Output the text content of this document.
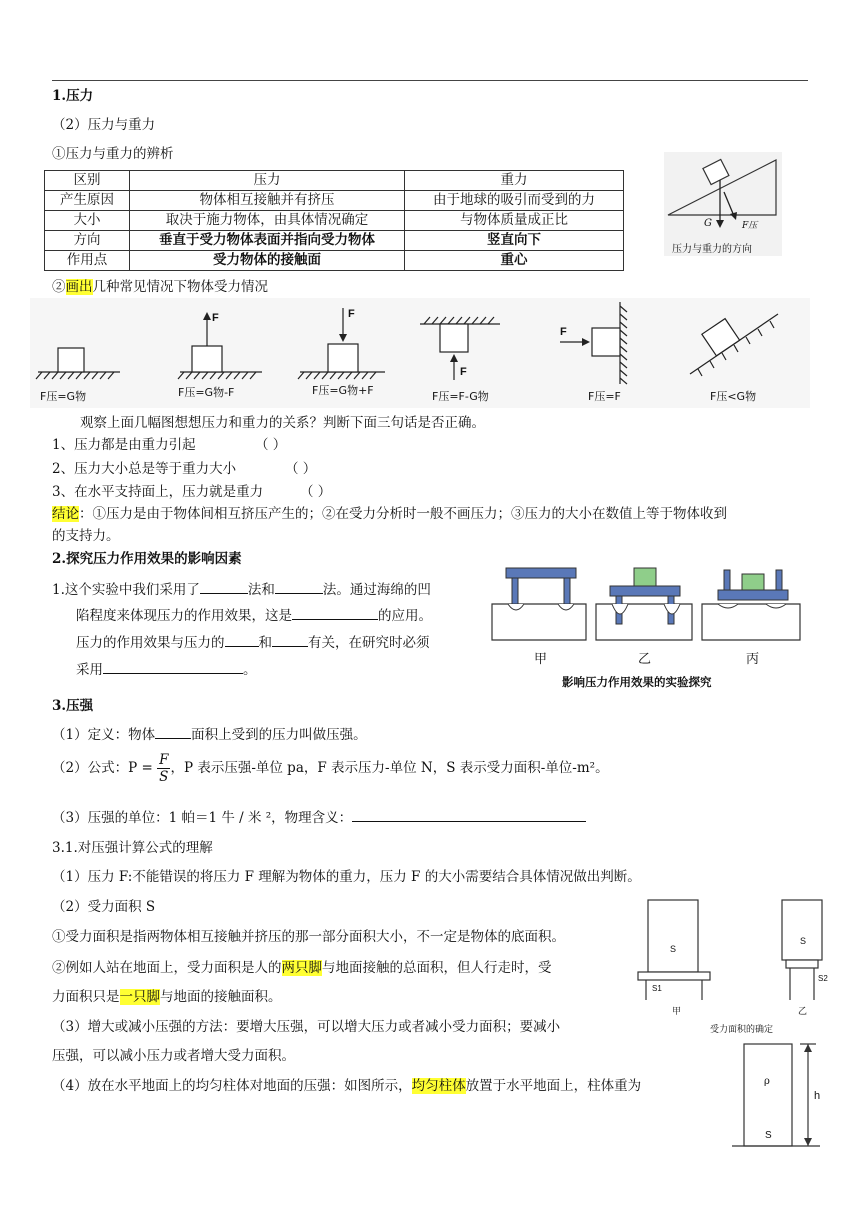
1.压力
（2）压力与重力
①压力与重力的辨析
区别	压力	重力
产生原因	物体相互接触并有挤压	由于地球的吸引而受到的力
大小	取决于施力物体，由具体情况确定	与物体质量成正比
方向	垂直于受力物体表面并指向受力物体	竖直向下
作用点	受力物体的接触面	重心
G	F压
压力与重力的方向
②画出几种常见情况下物体受力情况
F	F
F
F
F压=G物	F压=G物-F	F压=G物+F	F压=F-G物	F压=F	F压<G物
观察上面几幅图想想压力和重力的关系？判断下面三句话是否正确。
1、压力都是由重力引起	（ ）
2、压力大小总是等于重力大小	（ ）
3、在水平支持面上，压力就是重力	（ ）
结论：①压力是由于物体间相互挤压产生的；②在受力分析时一般不画压力；③压力的大小在数值上等于物体收到
的支持力。
2.探究压力作用效果的影响因素
1.这个实验中我们采用了	法和	法。通过海绵的凹
陷程度来体现压力的作用效果，这是	的应用。
压力的作用效果与压力的	和	有关，在研究时必须
采用	。
甲	乙	丙
影响压力作用效果的实验探究
3.压强
（1）定义：物体	面积上受到的压力叫做压强。
（2）公式：$P = \frac{F}{S}$ ，P 表示压强-单位 pa，F 表示压力-单位 N，S 表示受力面积-单位-m²。
（3）压强的单位：1 帕＝1 牛 / 米 ²，物理含义：
3.1.对压强计算公式的理解
（1）压力 F:不能错误的将压力 F 理解为物体的重力，压力 F 的大小需要结合具体情况做出判断。
（2）受力面积 S
①受力面积是指两物体相互接触并挤压的那一部分面积大小，不一定是物体的底面积。
②例如人站在地面上，受力面积是人的两只脚与地面接触的总面积，但人行走时，受
力面积只是一只脚与地面的接触面积。
（3）增大或减小压强的方法：要增大压强，可以增大压力或者减小受力面积；要减小
压强，可以减小压力或者增大受力面积。
（4）放在水平地面上的均匀柱体对地面的压强：如图所示，均匀柱体放置于水平地面上，柱体重为
S
S
S1
S2
甲	乙
受力面积的确定
ρ
h
S
